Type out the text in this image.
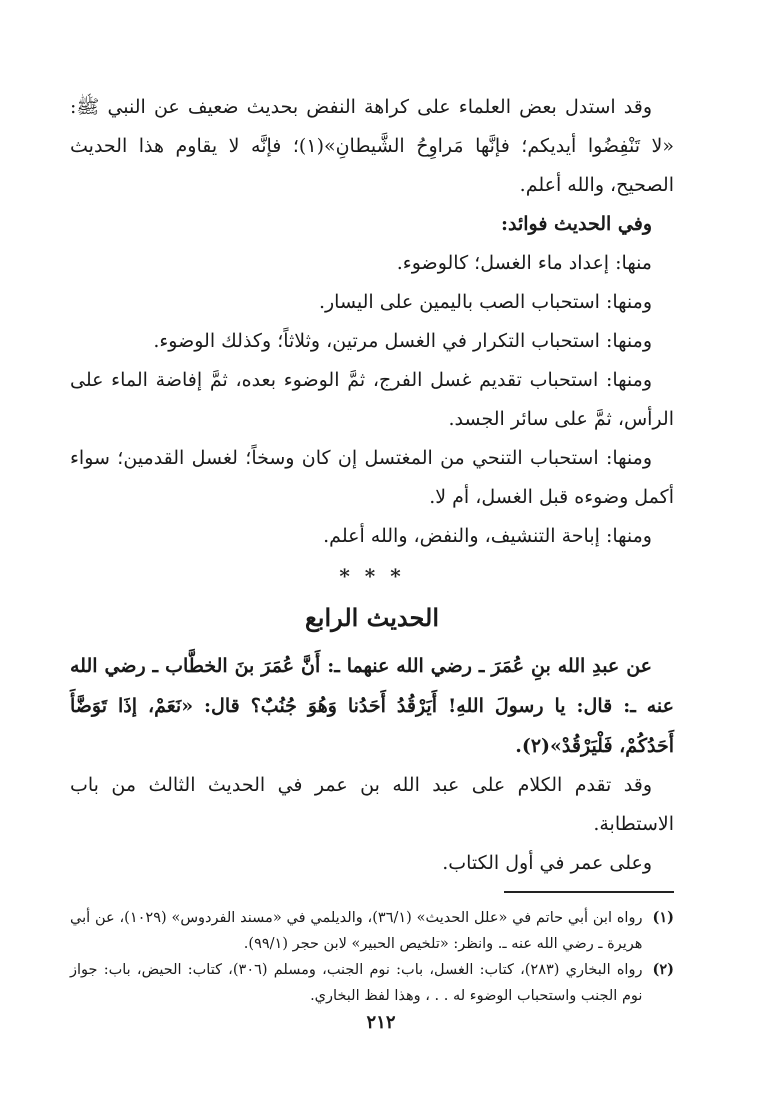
وقد استدل بعض العلماء على كراهة النفض بحديث ضعيف عن النبي ﷺ: «لا تَنْفِضُوا أيديكم؛ فإنَّها مَراوِحُ الشَّيطانِ»(١)؛ فإنَّه لا يقاوم هذا الحديث الصحيح، والله أعلم.

وفي الحديث فوائد:

منها: إعداد ماء الغسل؛ كالوضوء.

ومنها: استحباب الصب باليمين على اليسار.

ومنها: استحباب التكرار في الغسل مرتين، وثلاثاً؛ وكذلك الوضوء.

ومنها: استحباب تقديم غسل الفرج، ثمَّ الوضوء بعده، ثمَّ إفاضة الماء على الرأس، ثمَّ على سائر الجسد.

ومنها: استحباب التنحي من المغتسل إن كان وسخاً؛ لغسل القدمين؛ سواء أكمل وضوءه قبل الغسل، أم لا.

ومنها: إباحة التنشيف، والنفض، والله أعلم.

* * *
الحديث الرابع

عن عبدِ الله بنِ عُمَرَ ـ رضي الله عنهما ـ: أَنَّ عُمَرَ بنَ الخطَّاب ـ رضي الله عنه ـ: قال: يا رسولَ اللهِ! أَيَرْقُدُ أَحَدُنا وَهُوَ جُنُبٌ؟ قال: «نَعَمْ، إذَا تَوَضَّأَ أَحَدُكُمْ، فَلْيَرْقُدْ»(٢).

وقد تقدم الكلام على عبد الله بن عمر في الحديث الثالث من باب الاستطابة.

وعلى عمر في أول الكتاب.

(١)
رواه ابن أبي حاتم في «علل الحديث» (٣٦/١)، والديلمي في «مسند الفردوس» (١٠٢٩)، عن أبي هريرة ـ رضي الله عنه ـ. وانظر: «تلخيص الحبير» لابن حجر (٩٩/١).
(٢)
رواه البخاري (٢٨٣)، كتاب: الغسل، باب: نوم الجنب، ومسلم (٣٠٦)، كتاب: الحيض، باب: جواز نوم الجنب واستحباب الوضوء له . . ، وهذا لفظ البخاري.
٢١٢
